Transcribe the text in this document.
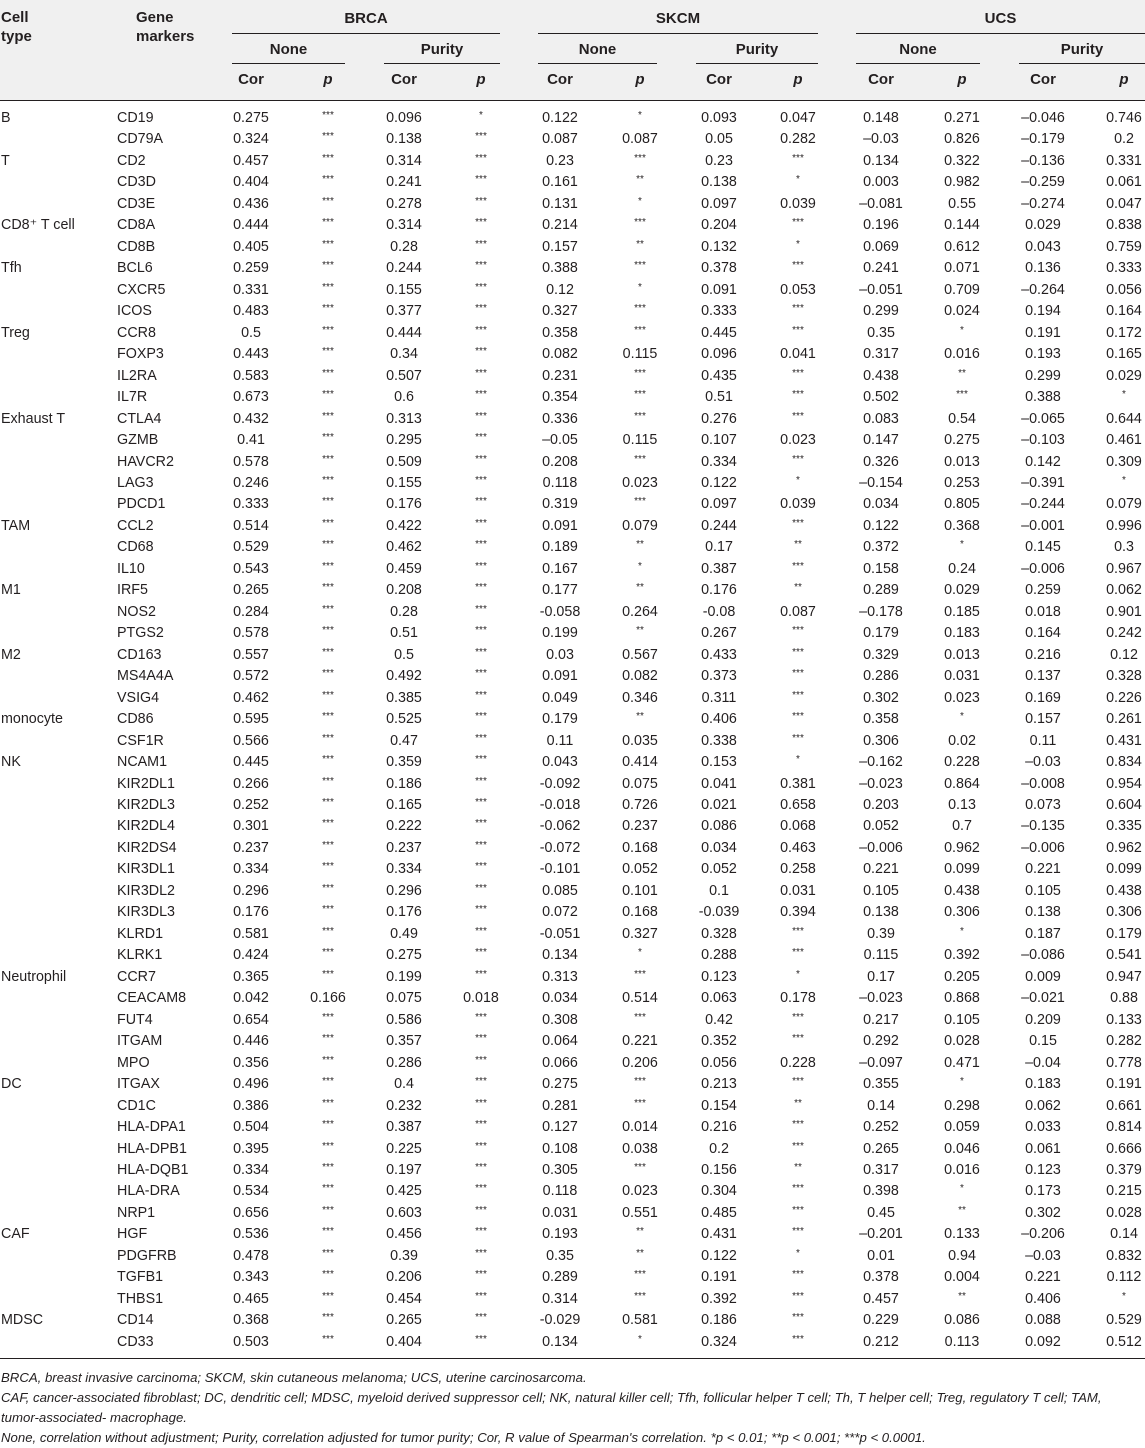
Cell
type
Gene
markers
BRCA	SKCM	UCS
None	Purity	None	Purity	None	Purity
Cor	p	Cor	p	Cor	p	Cor	p	Cor	p	Cor	p
B	CD19	0.275	***	0.096	*	0.122	*	0.093	0.047	0.148	0.271	–0.046	0.746
CD79A	0.324	***	0.138	***	0.087	0.087	0.05	0.282	–0.03	0.826	–0.179	0.2
T	CD2	0.457	***	0.314	***	0.23	***	0.23	***	0.134	0.322	–0.136	0.331
CD3D	0.404	***	0.241	***	0.161	**	0.138	*	0.003	0.982	–0.259	0.061
CD3E	0.436	***	0.278	***	0.131	*	0.097	0.039	–0.081	0.55	–0.274	0.047
CD8⁺ T cell	CD8A	0.444	***	0.314	***	0.214	***	0.204	***	0.196	0.144	0.029	0.838
CD8B	0.405	***	0.28	***	0.157	**	0.132	*	0.069	0.612	0.043	0.759
Tfh	BCL6	0.259	***	0.244	***	0.388	***	0.378	***	0.241	0.071	0.136	0.333
CXCR5	0.331	***	0.155	***	0.12	*	0.091	0.053	–0.051	0.709	–0.264	0.056
ICOS	0.483	***	0.377	***	0.327	***	0.333	***	0.299	0.024	0.194	0.164
Treg	CCR8	0.5	***	0.444	***	0.358	***	0.445	***	0.35	*	0.191	0.172
FOXP3	0.443	***	0.34	***	0.082	0.115	0.096	0.041	0.317	0.016	0.193	0.165
IL2RA	0.583	***	0.507	***	0.231	***	0.435	***	0.438	**	0.299	0.029
IL7R	0.673	***	0.6	***	0.354	***	0.51	***	0.502	***	0.388	*
Exhaust T	CTLA4	0.432	***	0.313	***	0.336	***	0.276	***	0.083	0.54	–0.065	0.644
GZMB	0.41	***	0.295	***	–0.05	0.115	0.107	0.023	0.147	0.275	–0.103	0.461
HAVCR2	0.578	***	0.509	***	0.208	***	0.334	***	0.326	0.013	0.142	0.309
LAG3	0.246	***	0.155	***	0.118	0.023	0.122	*	–0.154	0.253	–0.391	*
PDCD1	0.333	***	0.176	***	0.319	***	0.097	0.039	0.034	0.805	–0.244	0.079
TAM	CCL2	0.514	***	0.422	***	0.091	0.079	0.244	***	0.122	0.368	–0.001	0.996
CD68	0.529	***	0.462	***	0.189	**	0.17	**	0.372	*	0.145	0.3
IL10	0.543	***	0.459	***	0.167	*	0.387	***	0.158	0.24	–0.006	0.967
M1	IRF5	0.265	***	0.208	***	0.177	**	0.176	**	0.289	0.029	0.259	0.062
NOS2	0.284	***	0.28	***	-0.058	0.264	-0.08	0.087	–0.178	0.185	0.018	0.901
PTGS2	0.578	***	0.51	***	0.199	**	0.267	***	0.179	0.183	0.164	0.242
M2	CD163	0.557	***	0.5	***	0.03	0.567	0.433	***	0.329	0.013	0.216	0.12
MS4A4A	0.572	***	0.492	***	0.091	0.082	0.373	***	0.286	0.031	0.137	0.328
VSIG4	0.462	***	0.385	***	0.049	0.346	0.311	***	0.302	0.023	0.169	0.226
monocyte	CD86	0.595	***	0.525	***	0.179	**	0.406	***	0.358	*	0.157	0.261
CSF1R	0.566	***	0.47	***	0.11	0.035	0.338	***	0.306	0.02	0.11	0.431
NK	NCAM1	0.445	***	0.359	***	0.043	0.414	0.153	*	–0.162	0.228	–0.03	0.834
KIR2DL1	0.266	***	0.186	***	-0.092	0.075	0.041	0.381	–0.023	0.864	–0.008	0.954
KIR2DL3	0.252	***	0.165	***	-0.018	0.726	0.021	0.658	0.203	0.13	0.073	0.604
KIR2DL4	0.301	***	0.222	***	-0.062	0.237	0.086	0.068	0.052	0.7	–0.135	0.335
KIR2DS4	0.237	***	0.237	***	-0.072	0.168	0.034	0.463	–0.006	0.962	–0.006	0.962
KIR3DL1	0.334	***	0.334	***	-0.101	0.052	0.052	0.258	0.221	0.099	0.221	0.099
KIR3DL2	0.296	***	0.296	***	0.085	0.101	0.1	0.031	0.105	0.438	0.105	0.438
KIR3DL3	0.176	***	0.176	***	0.072	0.168	-0.039	0.394	0.138	0.306	0.138	0.306
KLRD1	0.581	***	0.49	***	-0.051	0.327	0.328	***	0.39	*	0.187	0.179
KLRK1	0.424	***	0.275	***	0.134	*	0.288	***	0.115	0.392	–0.086	0.541
Neutrophil	CCR7	0.365	***	0.199	***	0.313	***	0.123	*	0.17	0.205	0.009	0.947
CEACAM8	0.042	0.166	0.075	0.018	0.034	0.514	0.063	0.178	–0.023	0.868	–0.021	0.88
FUT4	0.654	***	0.586	***	0.308	***	0.42	***	0.217	0.105	0.209	0.133
ITGAM	0.446	***	0.357	***	0.064	0.221	0.352	***	0.292	0.028	0.15	0.282
MPO	0.356	***	0.286	***	0.066	0.206	0.056	0.228	–0.097	0.471	–0.04	0.778
DC	ITGAX	0.496	***	0.4	***	0.275	***	0.213	***	0.355	*	0.183	0.191
CD1C	0.386	***	0.232	***	0.281	***	0.154	**	0.14	0.298	0.062	0.661
HLA-DPA1	0.504	***	0.387	***	0.127	0.014	0.216	***	0.252	0.059	0.033	0.814
HLA-DPB1	0.395	***	0.225	***	0.108	0.038	0.2	***	0.265	0.046	0.061	0.666
HLA-DQB1	0.334	***	0.197	***	0.305	***	0.156	**	0.317	0.016	0.123	0.379
HLA-DRA	0.534	***	0.425	***	0.118	0.023	0.304	***	0.398	*	0.173	0.215
NRP1	0.656	***	0.603	***	0.031	0.551	0.485	***	0.45	**	0.302	0.028
CAF	HGF	0.536	***	0.456	***	0.193	**	0.431	***	–0.201	0.133	–0.206	0.14
PDGFRB	0.478	***	0.39	***	0.35	**	0.122	*	0.01	0.94	–0.03	0.832
TGFB1	0.343	***	0.206	***	0.289	***	0.191	***	0.378	0.004	0.221	0.112
THBS1	0.465	***	0.454	***	0.314	***	0.392	***	0.457	**	0.406	*
MDSC	CD14	0.368	***	0.265	***	-0.029	0.581	0.186	***	0.229	0.086	0.088	0.529
CD33	0.503	***	0.404	***	0.134	*	0.324	***	0.212	0.113	0.092	0.512
BRCA, breast invasive carcinoma; SKCM, skin cutaneous melanoma; UCS, uterine carcinosarcoma.
CAF, cancer-associated fibroblast; DC, dendritic cell; MDSC, myeloid derived suppressor cell; NK, natural killer cell; Tfh, follicular helper T cell; Th, T helper cell; Treg, regulatory T cell; TAM, tumor-associated- macrophage.
None, correlation without adjustment; Purity, correlation adjusted for tumor purity; Cor, R value of Spearman's correlation. *p < 0.01; **p < 0.001; ***p < 0.0001.
